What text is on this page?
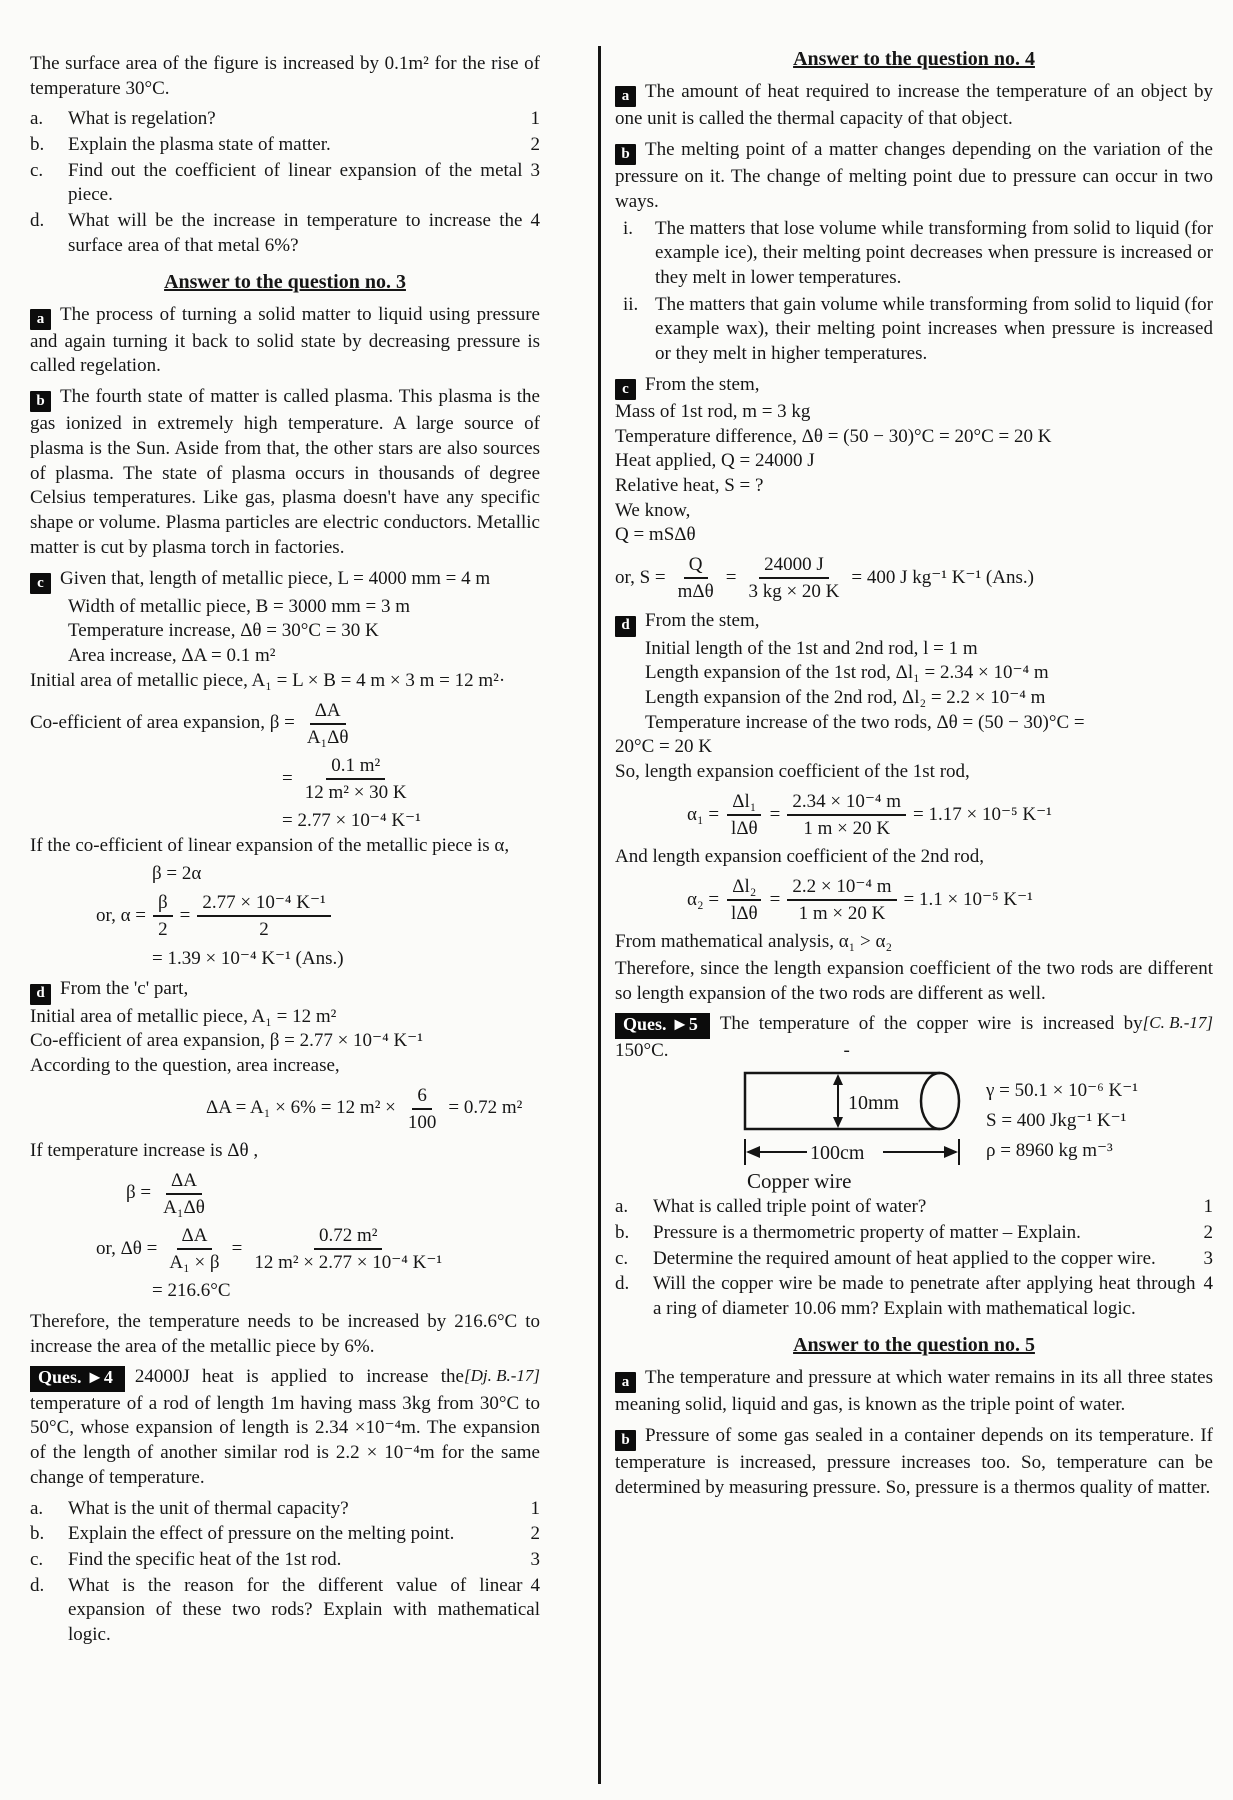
The surface area of the figure is increased by 0.1m² for the rise of temperature 30°C.

a.	1
What is regelation?
b.	2
Explain the plasma state of matter.
c.	3
Find out the coefficient of linear expansion of the metal piece.
d.	4
What will be the increase in temperature to increase the surface area of that metal 6%?
Answer to the question no. 3

a The process of turning a solid matter to liquid using pressure and again turning it back to solid state by decreasing pressure is called regelation.

b The fourth state of matter is called plasma. This plasma is the gas ionized in extremely high temperature. A large source of plasma is the Sun. Aside from that, the other stars are also sources of plasma. The state of plasma occurs in thousands of degree Celsius temperatures. Like gas, plasma doesn't have any specific shape or volume. Plasma particles are electric conductors. Metallic matter is cut by plasma torch in factories.

c Given that, length of metallic piece, L = 4000 mm = 4 m

Width of metallic piece, B = 3000 mm = 3 m
Temperature increase, Δθ = 30°C = 30 K
Area increase, ΔA = 0.1 m²
Initial area of metallic piece, A₁ = L × B = 4 m × 3 m = 12 m²·
Co-efficient of area expansion, $\beta = \frac{\Delta A}{\text{A₁Δθ}}$
= $\frac{\text{0.1 m²}}{\text{12 m² × 30 K}}$
= 2.77 × 10⁻⁴ K⁻¹
If the co-efficient of linear expansion of the metallic piece is α,
β = 2α
or, $\alpha = \frac{\beta}{2} = \frac{\text{2.77 × 10⁻⁴ K⁻¹}}{2}$
= 1.39 × 10⁻⁴ K⁻¹ (Ans.)

d From the 'c' part,

Initial area of metallic piece, A₁ = 12 m²
Co-efficient of area expansion, β = 2.77 × 10⁻⁴ K⁻¹
According to the question, area increase,
ΔA = A₁ × 6% = 12 $m^2 \times \frac{6}{100} = 0.72$ m²
If temperature increase is Δθ ,
$\beta = \frac{\Delta A}{\text{A₁Δθ}}$
or, $\Delta\theta = \frac{\Delta A}{\text{A₁ × β}} = \frac{\text{0.72 m²}}{\text{12 m² × 2.77 × 10⁻⁴ K⁻¹}}$
= 216.6°C

Therefore, the temperature needs to be increased by 216.6°C to increase the area of the metallic piece by 6%.

Ques. ►4	[Dj. B.-17]
24000J heat is applied to increase the temperature of a rod of length 1m having mass 3kg from 30°C to 50°C, whose expansion of length is 2.34 ×10⁻⁴m. The expansion of the length of another similar rod is 2.2 × 10⁻⁴m for the same change of temperature.

a.	1
What is the unit of thermal capacity?
b.	2
Explain the effect of pressure on the melting point.
c.	3
Find the specific heat of the 1st rod.
d.	4
What is the reason for the different value of linear expansion of these two rods? Explain with mathematical logic.
Answer to the question no. 4

a The amount of heat required to increase the temperature of an object by one unit is called the thermal capacity of that object.

b The melting point of a matter changes depending on the variation of the pressure on it. The change of melting point due to pressure can occur in two ways.

i.	The matters that lose volume while transforming from solid to liquid (for example ice), their melting point decreases when pressure is increased or they melt in lower temperatures.
ii. The matters that gain volume while transforming from solid to liquid (for example wax), their melting point increases when pressure is increased or they melt in higher temperatures.

c From the stem,

Mass of 1st rod, m = 3 kg
Temperature difference, Δθ = (50 − 30)°C = 20°C = 20 K
Heat applied, Q = 24000 J
Relative heat, S = ?
We know,
Q = mSΔθ
or, $S = \frac{Q}{\text{mΔθ}} = \frac{24000 J}{3 kg \times 20 K} = 400$ J kg⁻¹ K⁻¹ (Ans.)

d From the stem,

Initial length of the 1st and 2nd rod, l = 1 m
Length expansion of the 1st rod, Δl₁ = 2.34 × 10⁻⁴ m
Length expansion of the 2nd rod, Δl₂ = 2.2 × 10⁻⁴ m
Temperature increase of the two rods, Δθ = (50 − 30)°C =
20°C = 20 K
So, length expansion coefficient of the 1st rod,
$\alpha_1 = \frac{\text{Δl₁}}{\text{lΔθ}} = \frac{\text{2.34 × 10⁻⁴ m}}{1 m \times 20 K} = 1.17 \times 10^{-5}$ K⁻¹
And length expansion coefficient of the 2nd rod,
$\alpha_2 = \frac{\text{Δl₂}}{\text{lΔθ}} = \frac{\text{2.2 × 10⁻⁴ m}}{1 m \times 20 K} = 1.1 \times 10^{-5}$ K⁻¹
From mathematical analysis, α₁ > α₂

Therefore, since the length expansion coefficient of the two rods are different so length expansion of the two rods are different as well.

Ques. ►5	[C. B.-17]
The temperature of the copper wire is increased by 150°C.	-

10mm
100cm
Copper wire
γ = 50.1 × 10⁻⁶ K⁻¹
S = 400 Jkg⁻¹ K⁻¹
ρ = 8960 kg m⁻³
a.	1
What is called triple point of water?
b.	2
Pressure is a thermometric property of matter – Explain.
c.	3
Determine the required amount of heat applied to the copper wire.
d.	4
Will the copper wire be made to penetrate after applying heat through a ring of diameter 10.06 mm? Explain with mathematical logic.
Answer to the question no. 5

a The temperature and pressure at which water remains in its all three states meaning solid, liquid and gas, is known as the triple point of water.

b Pressure of some gas sealed in a container depends on its temperature. If temperature is increased, pressure increases too. So, temperature can be determined by measuring pressure. So, pressure is a thermos quality of matter.
